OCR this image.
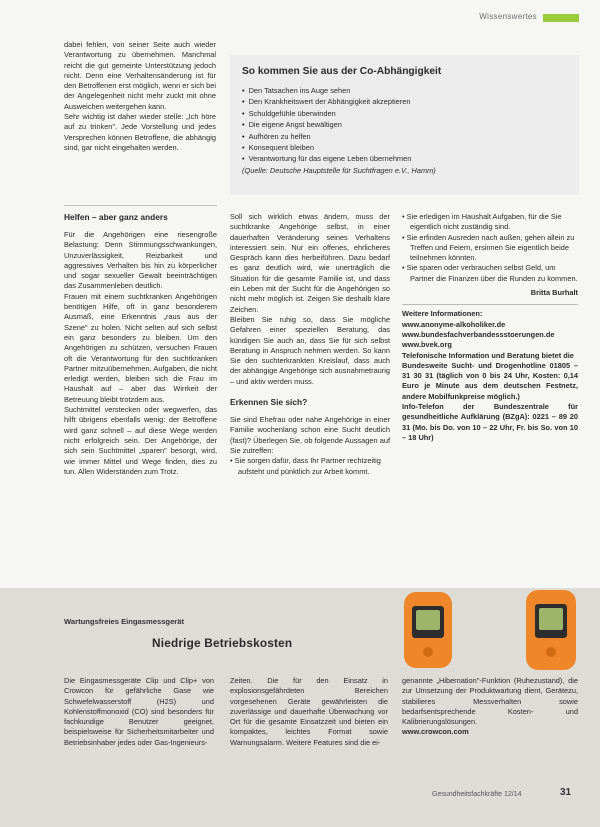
Wissenswertes

dabei fehlen, von seiner Seite auch wieder Verantwortung zu übernehmen. Manchmal reicht die gut gemeinte Unterstützung jedoch nicht. Denn eine Verhaltensänderung ist für den Betroffenen erst möglich, wenn er sich bei der Angelegenheit nicht mehr zuckt mit ohne Ausweichen weitergehen kann.

Sehr wichtig ist daher wieder stelle: „Ich höre auf zu trinken". Jede Vorstellung und jedes Versprechen können Betroffene, die abhängig sind, gar nicht eingehalten werden.

So kommen Sie aus der Co-Abhängigkeit
• Den Tatsachen ins Auge sehen
• Den Krankheitswert der Abhängigkeit akzeptieren
• Schuldgefühle überwinden
• Die eigene Angst bewältigen
• Aufhören zu helfen
• Konsequent bleiben
• Verantwortung für das eigene Leben übernehmen
(Quelle: Deutsche Hauptstelle für Suchtfragen e.V., Hamm)

Helfen – aber ganz anders

Für die Angehörigen eine riesengroße Belastung: Denn Stimmungsschwankungen, Unzuverlässigkeit, Reizbarkeit und aggressives Verhalten bis hin zu körperlicher und sogar sexueller Gewalt beeinträchtigen das Zusammenleben deutlich.

Frauen mit einem suchtkranken Angehörigen benötigen Hilfe, oft in ganz besonderem Ausmaß, eine Erkenntnis „raus aus der Szene" zu holen. Nicht selten auf sich selbst ein ganz besonders zu bleiben. Um den Angehörigen zu schützen, versuchen Frauen oft die Verantwortung für den suchtkranken Partner mitzuübernehmen. Aufgaben, die nicht erledigt werden, bleiben sich die Frau im Haushalt auf – aber das Wirrkeit der Betreuung bleibt trotzdem aus.

Suchtmittel verstecken oder wegwerfen, das hilft übrigens ebenfalls wenig: der Betroffene wird ganz schnell – auf diese Wege werden nicht erfolgreich sein. Der Angehörige, der sich sein Suchtmittel „sparen" besorgt, wird, wie immer Mittel und Wege finden, dies zu tun. Allen Widerständen zum Trotz.

Soll sich wirklich etwas ändern, muss der suchtkranke Angehörige selbst, in einer dauerhaften Veränderung seines Verhaltens interessiert sein. Nur ein offenes, ehrlicheres Gespräch kann dies herbeiführen. Dazu bedarf es ganz deutlich wird, wie unerträglich die Situation für die gesamte Familie ist, und dass ein Leben mit der Sucht für die Angehörigen so nicht mehr möglich ist. Zeigen Sie deshalb klare Zeichen.

Bleiben Sie ruhig so, dass Sie mögliche Gefahren einer speziellen Beratung, das kündigen Sie auch an, dass Sie für sich selbst Beratung in Anspruch nehmen werden. So kann Sie den suchterkrankten Kreislauf, dass auch der abhängige Angehörige sich ausnahmetraurig – und aktiv werden muss.

Erkennen Sie sich?

Sie sind Ehefrau oder nahe Angehörige in einer Familie wochenlang schon eine Sucht deutlich (fast)? Überlegen Sie, ob folgende Aussagen auf Sie zutreffen:

• Sie sorgen dafür, dass Ihr Partner rechtzeitig aufsteht und pünktlich zur Arbeit kommt.
• Sie erledigen im Haushalt Aufgaben, für die Sie eigentlich nicht zuständig sind.
• Sie erfinden Ausreden nach außen, gehen allein zu Treffen und Feiern, ersinnen Sie eigentlich beide teilnehmen könnten.
• Sie sparen oder verbrauchen selbst Geld, um Partner die Finanzen über die Runden zu kommen.
Britta Burhalt
Weitere Informationen:
www.anonyme-alkoholiker.de
www.bundesfachverbandessstoerungen.de
www.bvek.org
Telefonische Information und Beratung bietet die
Bundesweite Sucht- und Drogenhotline 01805 – 31 30 31 (täglich von 0 bis 24 Uhr, Kosten: 0,14 Euro je Minute aus dem deutschen Festnetz, andere Mobilfunkpreise möglich.)
Info-Telefon der Bundeszentrale für gesundheitliche Aufklärung (BZgA): 0221 – 89 20 31 (Mo. bis Do. von 10 – 22 Uhr, Fr. bis So. von 10 – 18 Uhr)
Wartungsfreies Eingasmessgerät
Niedrige Betriebskosten
Die Eingasmessgeräte Clip und Clip+ von Crowcon für gefährliche Gase wie Schwefelwasserstoff (H2S) und Kohlenstoffmonoxid (CO) sind besonders für fachkundige Benutzer geeignet, beispielsweise für Sicherheitsmitarbeiter und Betriebsinhaber jedes oder Gas-Ingenieurs-
Zeiten. Die für den Einsatz in explosionsgefährdeten Bereichen vorgesehenen Geräte gewährleisten die zuverlässige und dauerhafte Überwachung vor Ort für die gesamte Einsatzzeit und bieten ein kompaktes, leichtes Format sowie Warnungsalarm. Weitere Features sind die ei-
genannte „Hibernation"-Funktion (Ruhezustand), die zur Umsetzung der Produktwartung dient, Gerätezu, stabilieres Messverhalten sowie bedarfsentsprechende Kosten- und Kalibrierungslösungen.
www.crowcon.com
Gesundheitsfachkräfte 12/14	31
